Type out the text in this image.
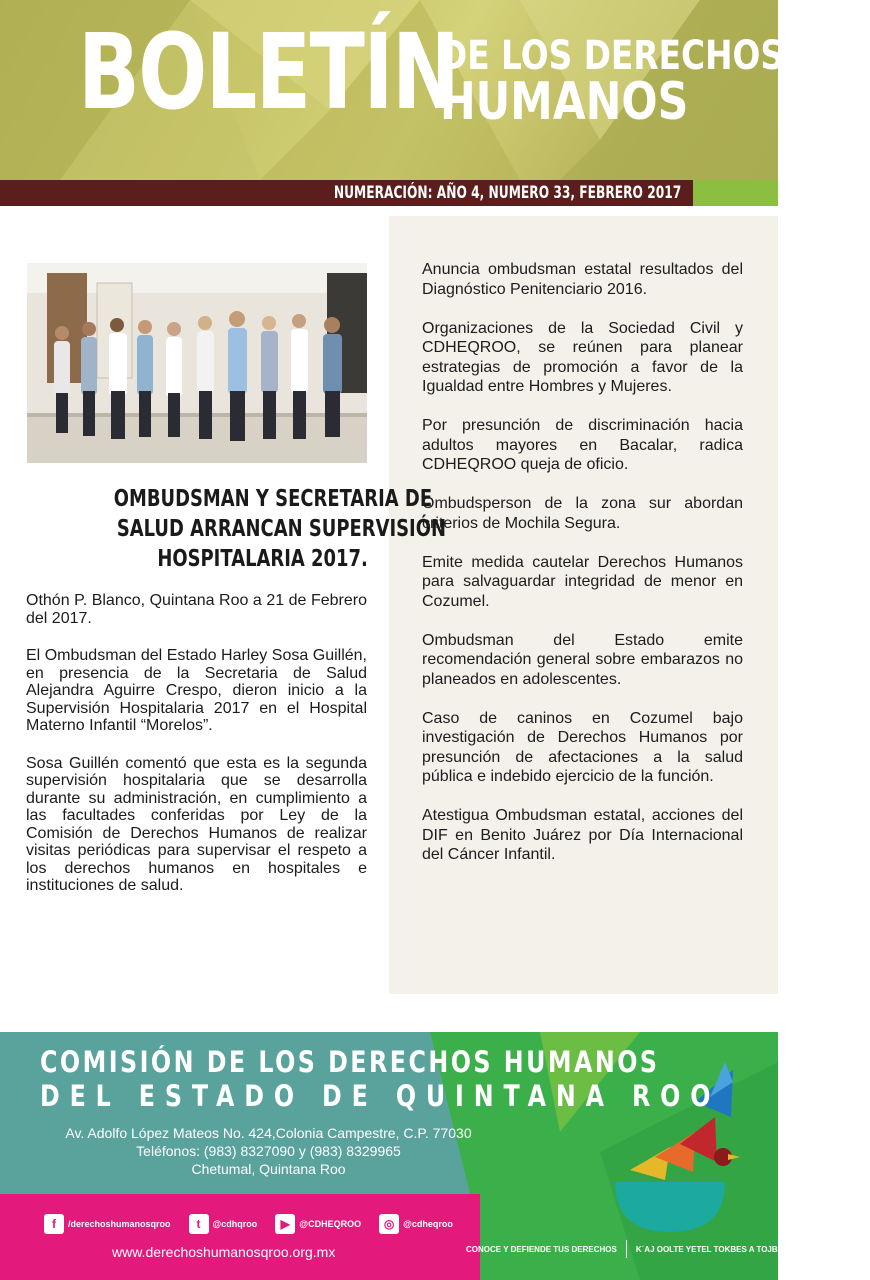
BOLETÍN
DE LOS DERECHOS
HUMANOS
NUMERACIÓN: AÑO 4, NUMERO 33, FEBRERO 2017
OMBUDSMAN Y SECRETARIA DE
SALUD ARRANCAN SUPERVISIÓN
HOSPITALARIA 2017.

Othón P. Blanco, Quintana Roo a 21 de Febrero del 2017.

El Ombudsman del Estado Harley Sosa Guillén, en presencia de la Secretaria de Salud Alejandra Aguirre Crespo, dieron inicio a la Supervisión Hospitalaria 2017 en el Hospital Materno Infantil “Morelos”.

Sosa Guillén comentó que esta es la segunda supervisión hospitalaria que se desarrolla durante su administración, en cumplimiento a las facultades conferidas por Ley de la Comisión de Derechos Humanos de realizar visitas periódicas para supervisar el respeto a los derechos humanos en hospitales e instituciones de salud.

Anuncia ombudsman estatal resultados del Diagnóstico Penitenciario 2016.

Organizaciones de la Sociedad Civil y CDHEQROO, se reúnen para planear estrategias de promoción a favor de la Igualdad entre Hombres y Mujeres.

Por presunción de discriminación hacia adultos mayores en Bacalar, radica CDHEQROO queja de oficio.

Ombudsperson de la zona sur abordan criterios de Mochila Segura.

Emite medida cautelar Derechos Humanos para salvaguardar integridad de menor en Cozumel.

Ombudsman del Estado emite recomendación general sobre embarazos no planeados en adolescentes.

Caso de caninos en Cozumel bajo investigación de Derechos Humanos por presunción de afectaciones a la salud pública e indebido ejercicio de la función.

Atestigua Ombudsman estatal, acciones del DIF en Benito Juárez por Día Internacional del Cáncer Infantil.

COMISIÓN DE LOS DERECHOS HUMANOS
DEL ESTADO DE QUINTANA ROO
Av. Adolfo López Mateos No. 424,Colonia Campestre, C.P. 77030
Teléfonos: (983) 8327090 y (983) 8329965
Chetumal, Quintana Roo
f	/derechoshumanosqroo	t	@cdhqroo	▶	@CDHEQROO	◎ @cdheqroo
www.derechoshumanosqroo.org.mx	CONOCE Y DEFIENDE TUS DERECHOS K´AJ OOLTE YETEL TOKBES A TOJBE´ENILO´OB
